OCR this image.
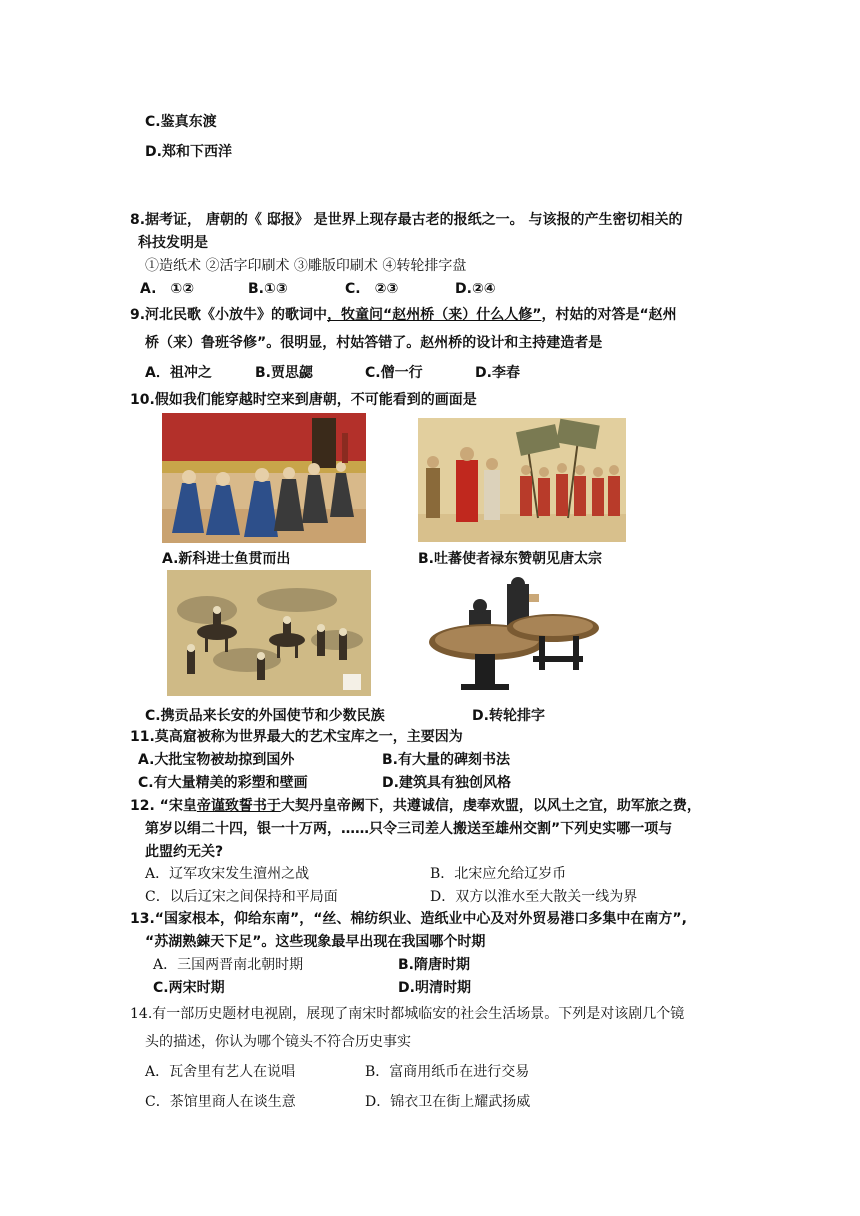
C.鉴真东渡
D.郑和下西洋
8.据考证， 唐朝的《 邸报》 是世界上现存最古老的报纸之一。 与该报的产生密切相关的
科技发明是
①造纸术 ②活字印刷术 ③雕版印刷术 ④转轮排字盘
A.　①②	B.①③	C.　②③	D.②④
9.河北民歌《小放牛》的歌词中，牧童问“赵州桥（来）什么人修”，村姑的对答是“赵州
桥（来）鲁班爷修”。很明显，村姑答错了。赵州桥的设计和主持建造者是
A．祖冲之	B.贾思勰	C.僧一行	D.李春
10.假如我们能穿越时空来到唐朝，不可能看到的画面是
A.新科进士鱼贯而出	B.吐蕃使者禄东赞朝见唐太宗
C.携贡品来长安的外国使节和少数民族	D.转轮排字
11.莫高窟被称为世界最大的艺术宝库之一，主要因为
A.大批宝物被劫掠到国外	B.有大量的碑刻书法
C.有大量精美的彩塑和壁画	D.建筑具有独创风格
12. “宋皇帝谨致誓书于大契丹皇帝阙下，共遵诚信，虔奉欢盟，以风土之宜，助军旅之费，
第岁以绢二十四，银一十万两，……只令三司差人搬送至雄州交割”下列史实哪一项与
此盟约无关?
A．辽军攻宋发生澶州之战	B．北宋应允给辽岁币
C．以后辽宋之间保持和平局面	D．双方以淮水至大散关一线为界
13.“国家根本，仰给东南”，“丝、棉纺织业、造纸业中心及对外贸易港口多集中在南方”,
“苏湖熟鋉天下足”。这些现象最早出现在我国哪个时期
A．三国两晋南北朝时期	B.隋唐时期
C.两宋时期	D.明清时期
14.有一部历史题材电视剧，展现了南宋时都城临安的社会生活场景。下列是对该剧几个镜
头的描述，你认为哪个镜头不符合历史事实
A．瓦舍里有艺人在说唱	B．富商用纸币在进行交易
C．茶馆里商人在谈生意	D．锦衣卫在街上耀武扬威
